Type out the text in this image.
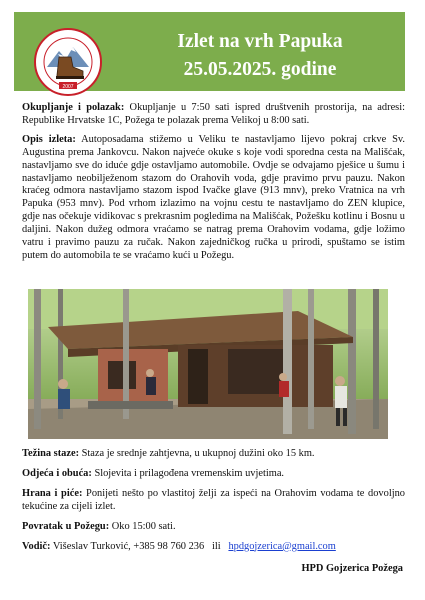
2007
Izlet na vrh Papuka
25.05.2025. godine

Okupljanje i polazak: Okupljanje u 7:50 sati ispred društvenih prostorija, na adresi: Republike Hrvatske 1C, Požega te polazak prema Velikoj u 8:00 sati.

Opis izleta: Autoposadama stižemo u Veliku te nastavljamo lijevo pokraj crkve Sv. Augustina prema Jankovcu. Nakon najveće okuke s koje vodi sporedna cesta na Mališćak, nastavljamo sve do iduće gdje ostavljamo automobile. Ovdje se odvajamo pješice u šumu i nastavljamo neobilježenom stazom do Orahovih voda, gdje pravimo prvu pauzu. Nakon kraćeg odmora nastavljamo stazom ispod Ivačke glave (913 mnv), preko Vratnica na vrh Papuka (953 mnv). Pod vrhom izlazimo na vojnu cestu te nastavljamo do ZEN klupice, gdje nas očekuje vidikovac s prekrasnim pogledima na Mališćak, Požešku kotlinu i Bosnu u daljini. Nakon dužeg odmora vraćamo se natrag prema Orahovim vodama, gdje ložimo vatru i pravimo pauzu za ručak. Nakon zajedničkog ručka u prirodi, spuštamo se istim putem do automobila te se vraćamo kući u Požegu.

Težina staze: Staza je srednje zahtjevna, u ukupnoj dužini oko 15 km.

Odjeća i obuća: Slojevita i prilagođena vremenskim uvjetima.

Hrana i piće: Ponijeti nešto po vlastitoj želji za ispeći na Orahovim vodama te dovoljno tekućine za cijeli izlet.

Povratak u Požegu: Oko 15:00 sati.

Vodič: Višeslav Turković, +385 98 760 236   ili   hpdgojzerica@gmail.com

HPD Gojzerica Požega
